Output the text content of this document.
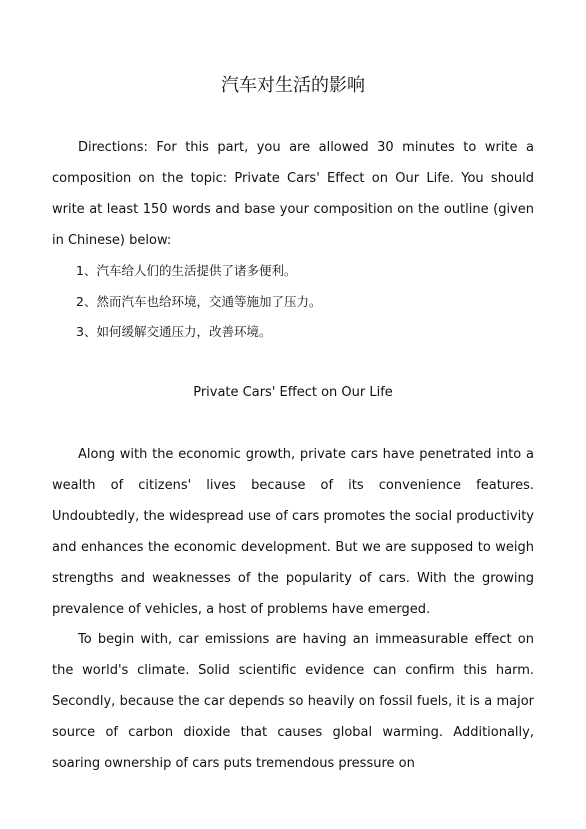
汽车对生活的影响
Directions: For this part, you are allowed 30 minutes to write a composition on the topic: Private Cars' Effect on Our Life. You should write at least 150 words and base your composition on the outline (given in Chinese) below:
1、汽车给人们的生活提供了诸多便利。
2、然而汽车也给环境，交通等施加了压力。
3、如何缓解交通压力，改善环境。
Private Cars' Effect on Our Life
Along with the economic growth, private cars have penetrated into a wealth of citizens' lives because of its convenience features. Undoubtedly, the widespread use of cars promotes the social productivity and enhances the economic development. But we are supposed to weigh strengths and weaknesses of the popularity of cars. With the growing prevalence of vehicles, a host of problems have emerged.
To begin with, car emissions are having an immeasurable effect on the world's climate. Solid scientific evidence can confirm this harm. Secondly, because the car depends so heavily on fossil fuels, it is a major source of carbon dioxide that causes global warming. Additionally, soaring ownership of cars puts tremendous pressure on
